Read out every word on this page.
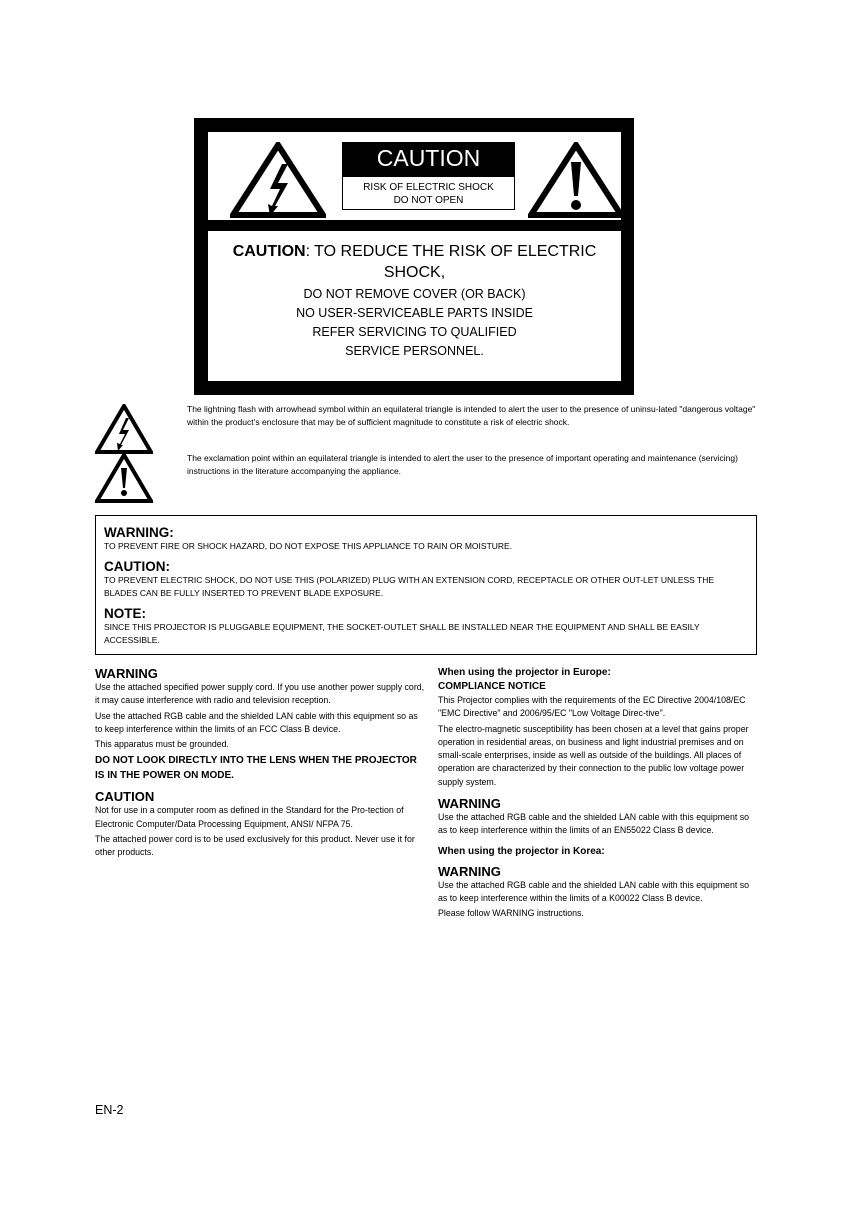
CAUTION
RISK OF ELECTRIC SHOCK
DO NOT OPEN
CAUTION: TO REDUCE THE RISK OF ELECTRIC SHOCK,
DO NOT REMOVE COVER (OR BACK)
NO USER-SERVICEABLE PARTS INSIDE
REFER SERVICING TO QUALIFIED
SERVICE PERSONNEL.
The lightning flash with arrowhead symbol within an equilateral triangle is intended to alert the user to the presence of uninsu-lated "dangerous voltage" within the product’s enclosure that may be of sufficient magnitude to constitute a risk of electric shock.
The exclamation point within an equilateral triangle is intended to alert the user to the presence of important operating and maintenance (servicing) instructions in the literature accompanying the appliance.

WARNING:

TO PREVENT FIRE OR SHOCK HAZARD, DO NOT EXPOSE THIS APPLIANCE TO RAIN OR MOISTURE.

CAUTION:

TO PREVENT ELECTRIC SHOCK, DO NOT USE THIS (POLARIZED) PLUG WITH AN EXTENSION CORD, RECEPTACLE OR OTHER OUT-LET UNLESS THE BLADES CAN BE FULLY INSERTED TO PREVENT BLADE EXPOSURE.

NOTE:

SINCE THIS PROJECTOR IS PLUGGABLE EQUIPMENT, THE SOCKET-OUTLET SHALL BE INSTALLED NEAR THE EQUIPMENT AND SHALL BE EASILY ACCESSIBLE.

WARNING

Use the attached specified power supply cord. If you use another power supply cord, it may cause interference with radio and television reception.

Use the attached RGB cable and the shielded LAN cable with this equipment so as to keep interference within the limits of an FCC Class B device.

This apparatus must be grounded.

DO NOT LOOK DIRECTLY INTO THE LENS WHEN THE PROJECTOR IS IN THE POWER ON MODE.

CAUTION

Not for use in a computer room as defined in the Standard for the Pro-tection of Electronic Computer/Data Processing Equipment, ANSI/ NFPA 75.

The attached power cord is to be used exclusively for this product. Never use it for other products.

When using the projector in Europe:

COMPLIANCE NOTICE

This Projector complies with the requirements of the EC Directive 2004/108/EC "EMC Directive" and 2006/95/EC "Low Voltage Direc-tive".

The electro-magnetic susceptibility has been chosen at a level that gains proper operation in residential areas, on business and light industrial premises and on small-scale enterprises, inside as well as outside of the buildings. All places of operation are characterized by their connection to the public low voltage power supply system.

WARNING

Use the attached RGB cable and the shielded LAN cable with this equipment so as to keep interference within the limits of an EN55022 Class B device.

When using the projector in Korea:

WARNING

Use the attached RGB cable and the shielded LAN cable with this equipment so as to keep interference within the limits of a K00022 Class B device.

Please follow WARNING instructions.

EN-2
